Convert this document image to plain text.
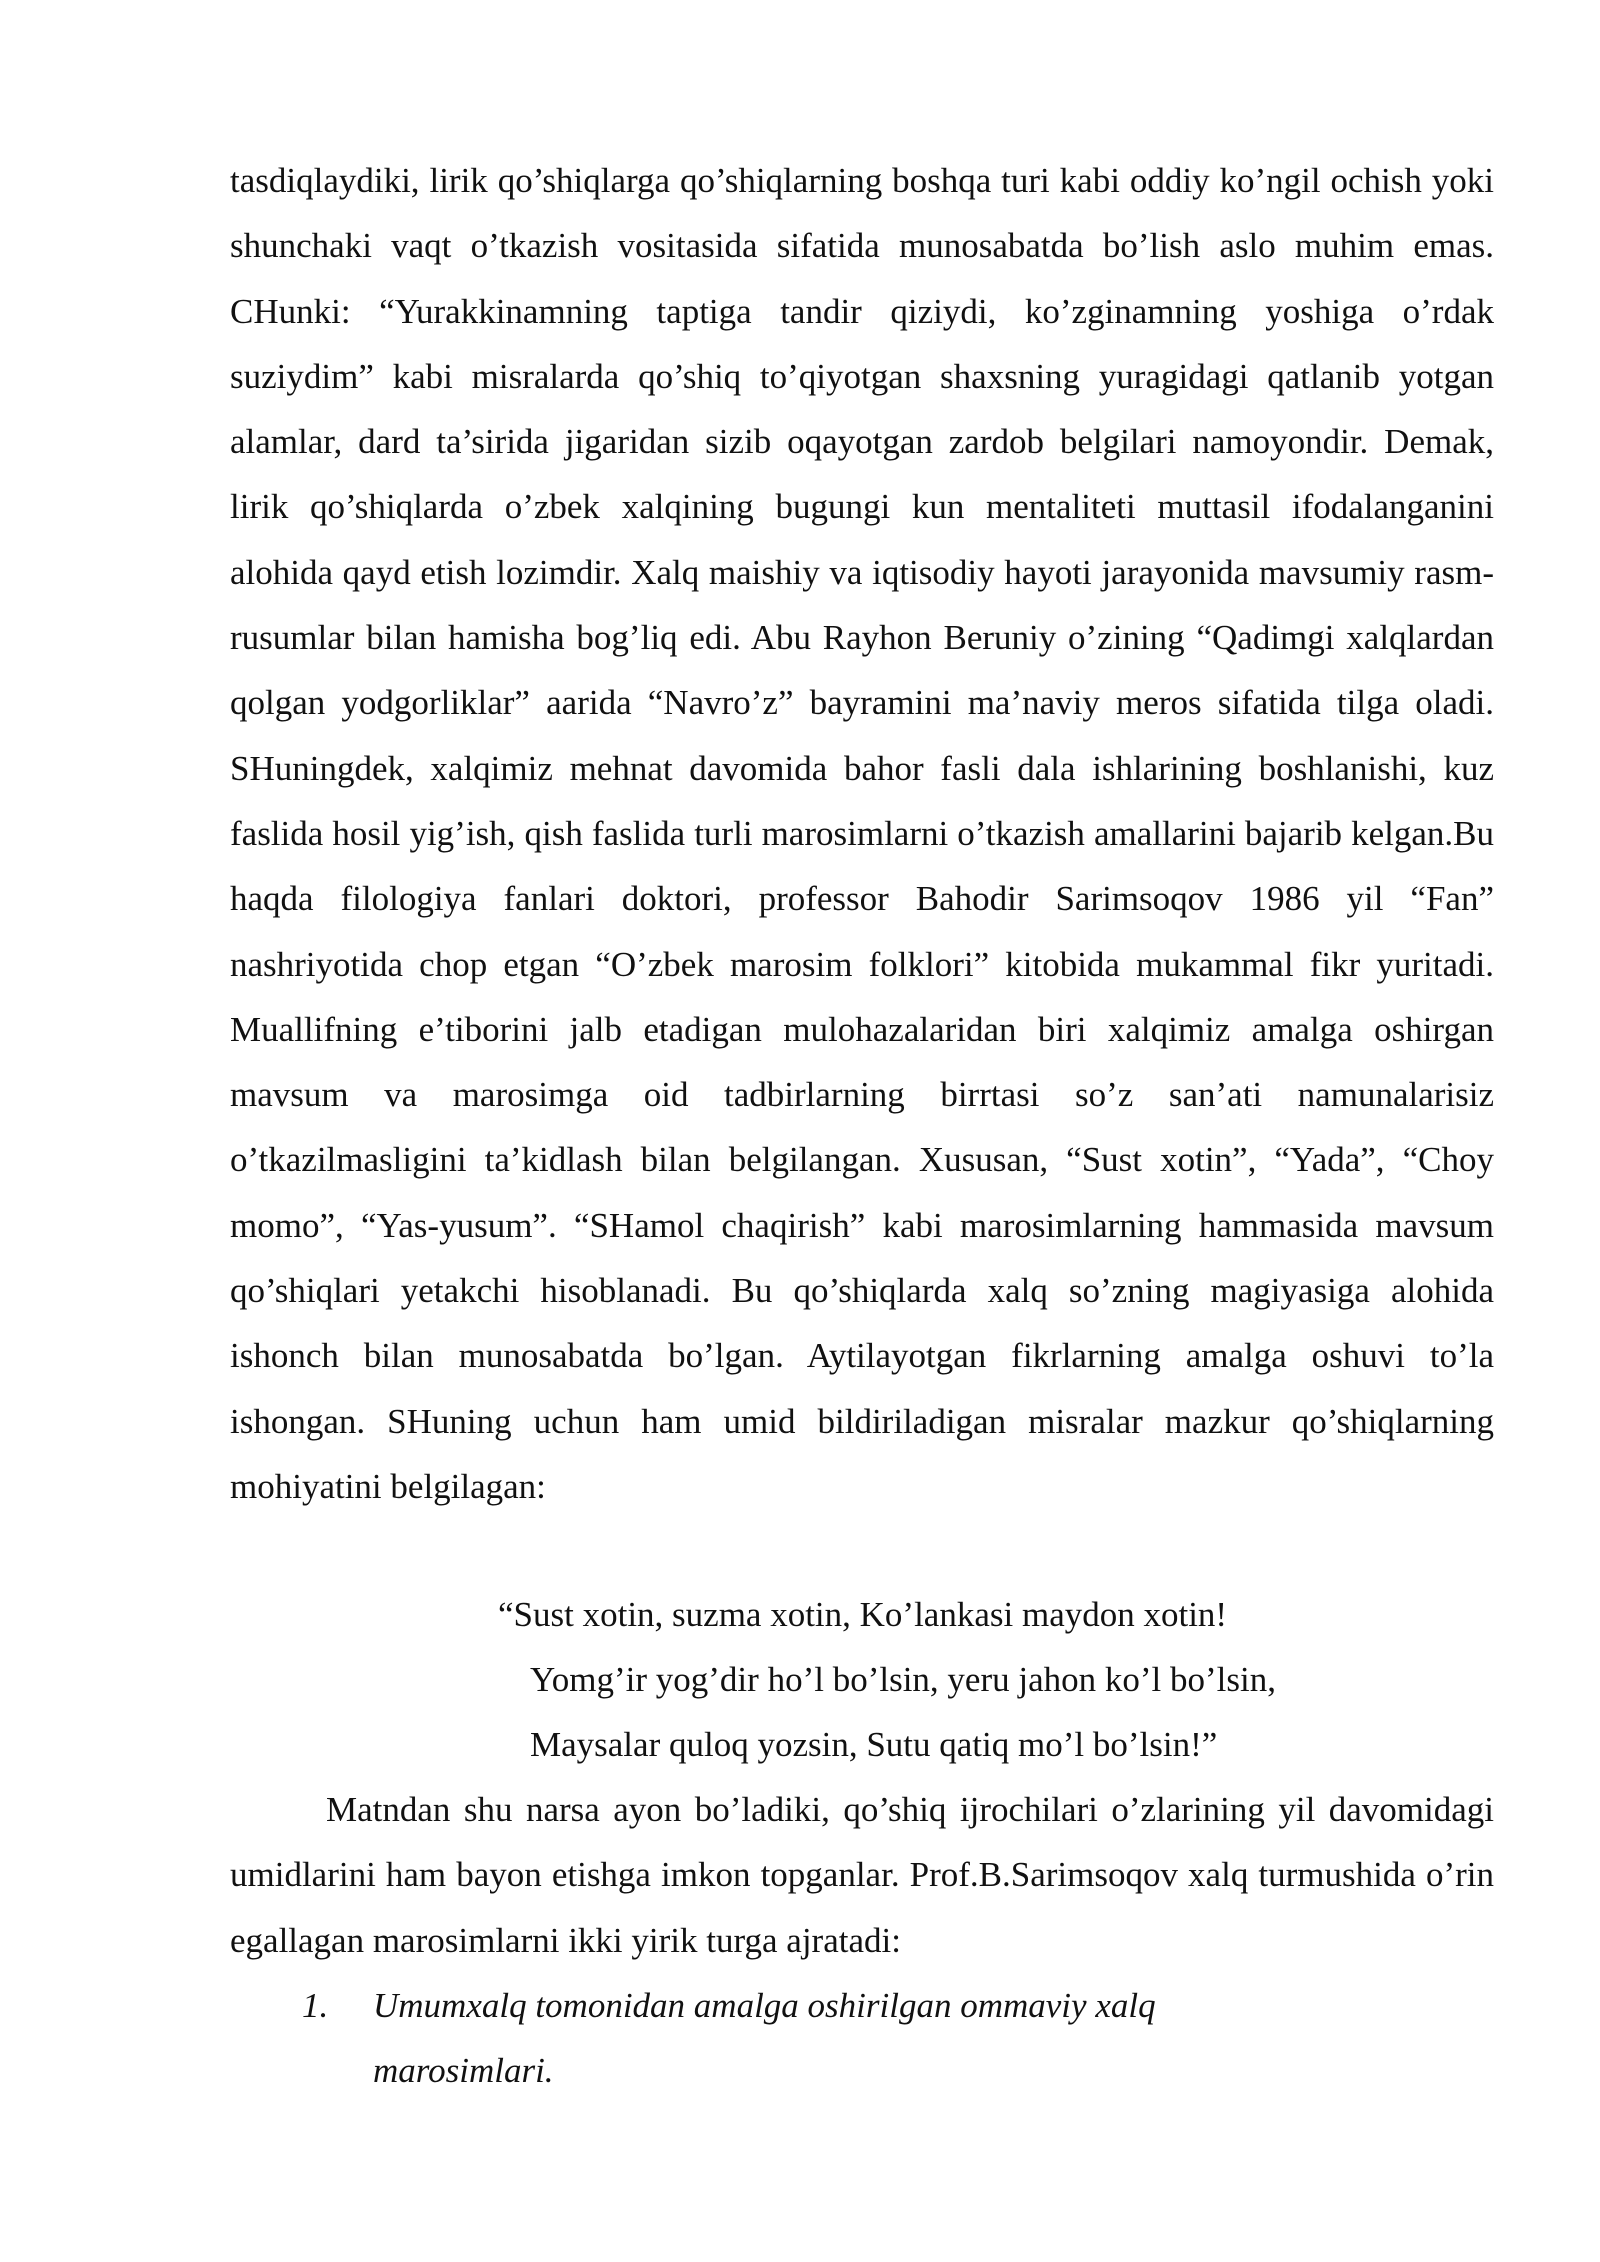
tasdiqlaydiki, lirik qo’shiqlarga qo’shiqlarning boshqa turi kabi oddiy ko’ngil ochish yoki shunchaki vaqt o’tkazish vositasida sifatida munosabatda bo’lish aslo muhim emas. CHunki: “Yurakkinamning taptiga tandir qiziydi, ko’zginamning yoshiga o’rdak suziydim” kabi misralarda qo’shiq to’qiyotgan shaxsning yuragidagi qatlanib yotgan alamlar, dard ta’siridа jigaridan sizib oqayotgan zardob belgilari namoyondir. Demak, lirik qo’shiqlarda o’zbek xalqining bugungi kun mentaliteti muttasil ifodalanganini alohida qayd etish lozimdir. Xalq maishiy va iqtisodiy hayoti jarayonida mavsumiy rasm-rusumlar bilan hamisha bog’liq edi. Abu Rayhon Beruniy o’zining “Qadimgi xalqlardan qolgan yodgorliklar” aarida “Navro’z” bayramini ma’naviy meros sifatida tilga oladi. SHuningdek, xalqimiz mehnat davomida bahor fasli dala ishlarining boshlanishi, kuz faslida hosil yig’ish, qish faslida turli marosimlarni o’tkazish amallarini bajarib kelgan.Bu haqda filologiya fanlari doktori, professor Bahodir Sarimsoqov 1986 yil “Fan” nashriyotida chop etgan “O’zbek marosim folklori” kitobida mukammal fikr yuritadi. Muallifning e’tiborini jalb etadigan mulohazalaridan biri xalqimiz amalga oshirgan mavsum va marosimga oid tadbirlarning birrtasi so’z san’ati namunalarisiz o’tkazilmasligini ta’kidlash bilan belgilangan. Xususan, “Sust xotin”, “Yada”, “Choy momo”, “Yas-yusum”. “SHamol chaqirish” kabi marosimlarning hammasida mavsum qo’shiqlari yetakchi hisoblanadi. Bu qo’shiqlarda xalq so’zning magiyasiga alohida ishonch bilan munosabatda bo’lgan. Aytilayotgan fikrlarning amalga oshuvi to’la ishongan. SHuning uchun ham umid bildiriladigan misralar mazkur qo’shiqlarning mohiyatini belgilagan:

“Sust xotin, suzma xotin, Ko’lankasi maydon xotin!
Yomg’ir yog’dir ho’l bo’lsin, yeru jahon ko’l bo’lsin,
Maysalar quloq yozsin, Sutu qatiq mo’l bo’lsin!”

Matndan shu narsa ayon bo’ladiki, qo’shiq ijrochilari o’zlarining yil davomidagi umidlarini ham bayon etishga imkon topganlar. Prof.B.Sarimsoqov xalq turmushida o’rin egallagan marosimlarni ikki yirik turga ajratadi:

1. Umumxalq tomonidan amalga oshirilgan ommaviy xalq marosimlari.
